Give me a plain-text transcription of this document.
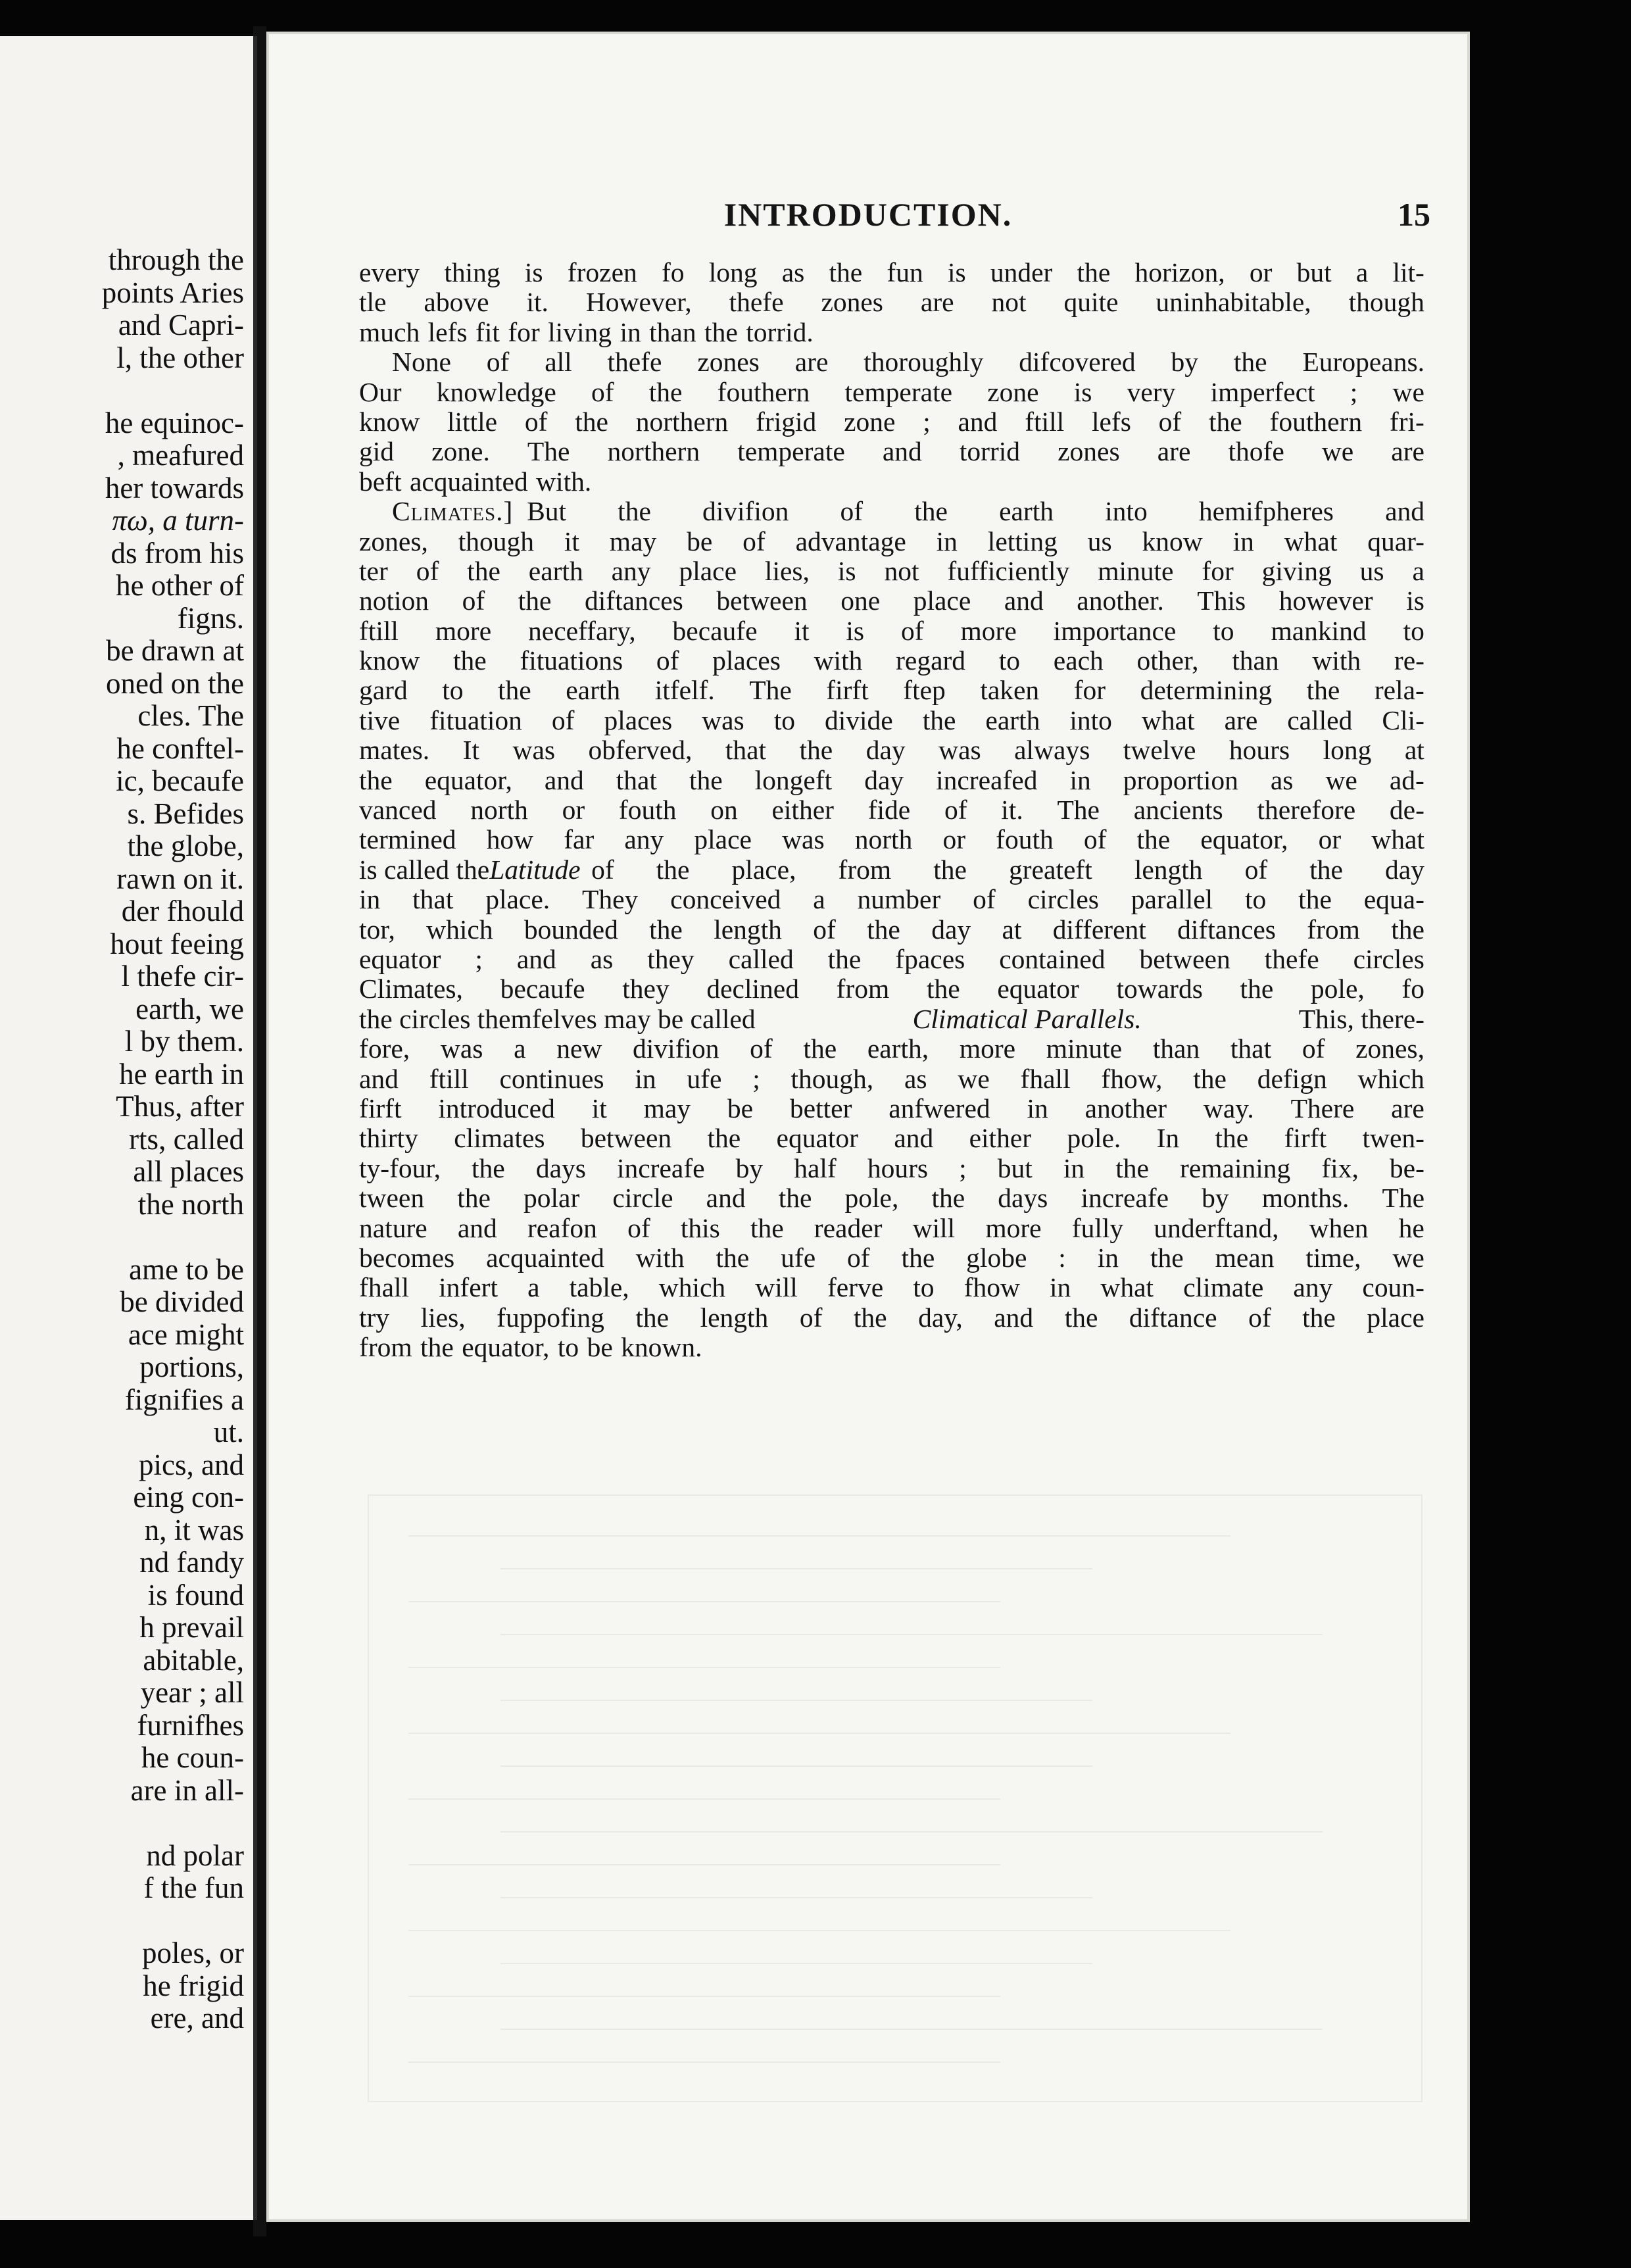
through the
points Aries
and Capri-
l, the other
he equinoc-
, meafured
her towards
πω, a turn-
ds from his
he other of
figns.
be drawn at
oned on the
cles. The
he conftel-
ic, becaufe
s. Befides
the globe,
rawn on it.
der fhould
hout feeing
l thefe cir-
earth, we
l by them.
he earth in
Thus, after
rts, called
all places
the north
ame to be
be divided
ace might
portions,
fignifies a
ut.
pics, and
eing con-
n, it was
nd fandy
is found
h prevail
abitable,
year ; all
furnifhes
he coun-
are in all-
nd polar
f the fun
poles, or
he frigid
ere, and
INTRODUCTION.	15
every thing is frozen fo long as the fun is under the horizon, or but a lit-
tle above it. However, thefe zones are not quite uninhabitable, though
much lefs fit for living in than the torrid.
None of all thefe zones are thoroughly difcovered by the Europeans.
Our knowledge of the fouthern temperate zone is very imperfect ; we
know little of the northern frigid zone ; and ftill lefs of the fouthern fri-
gid zone. The northern temperate and torrid zones are thofe we are
beft acquainted with.
Climates.] But the divifion of the earth into hemifpheres and
zones, though it may be of advantage in letting us know in what quar-
ter of the earth any place lies, is not fufficiently minute for giving us a
notion of the diftances between one place and another. This however is
ftill more neceffary, becaufe it is of more importance to mankind to
know the fituations of places with regard to each other, than with re-
gard to the earth itfelf. The firft ftep taken for determining the rela-
tive fituation of places was to divide the earth into what are called Cli-
mates. It was obferved, that the day was always twelve hours long at
the equator, and that the longeft day increafed in proportion as we ad-
vanced north or fouth on either fide of it. The ancients therefore de-
termined how far any place was north or fouth of the equator, or what
is called the Latitude of the place, from the greateft length of the day
in that place. They conceived a number of circles parallel to the equa-
tor, which bounded the length of the day at different diftances from the
equator ; and as they called the fpaces contained between thefe circles
Climates, becaufe they declined from the equator towards the pole, fo
the circles themfelves may be called	Climatical Parallels.	This, there-
fore, was a new divifion of the earth, more minute than that of zones,
and ftill continues in ufe ; though, as we fhall fhow, the defign which
firft introduced it may be better anfwered in another way. There are
thirty climates between the equator and either pole. In the firft twen-
ty-four, the days increafe by half hours ; but in the remaining fix, be-
tween the polar circle and the pole, the days increafe by months. The
nature and reafon of this the reader will more fully underftand, when he
becomes acquainted with the ufe of the globe : in the mean time, we
fhall infert a table, which will ferve to fhow in what climate any coun-
try lies, fuppofing the length of the day, and the diftance of the place
from the equator, to be known.
